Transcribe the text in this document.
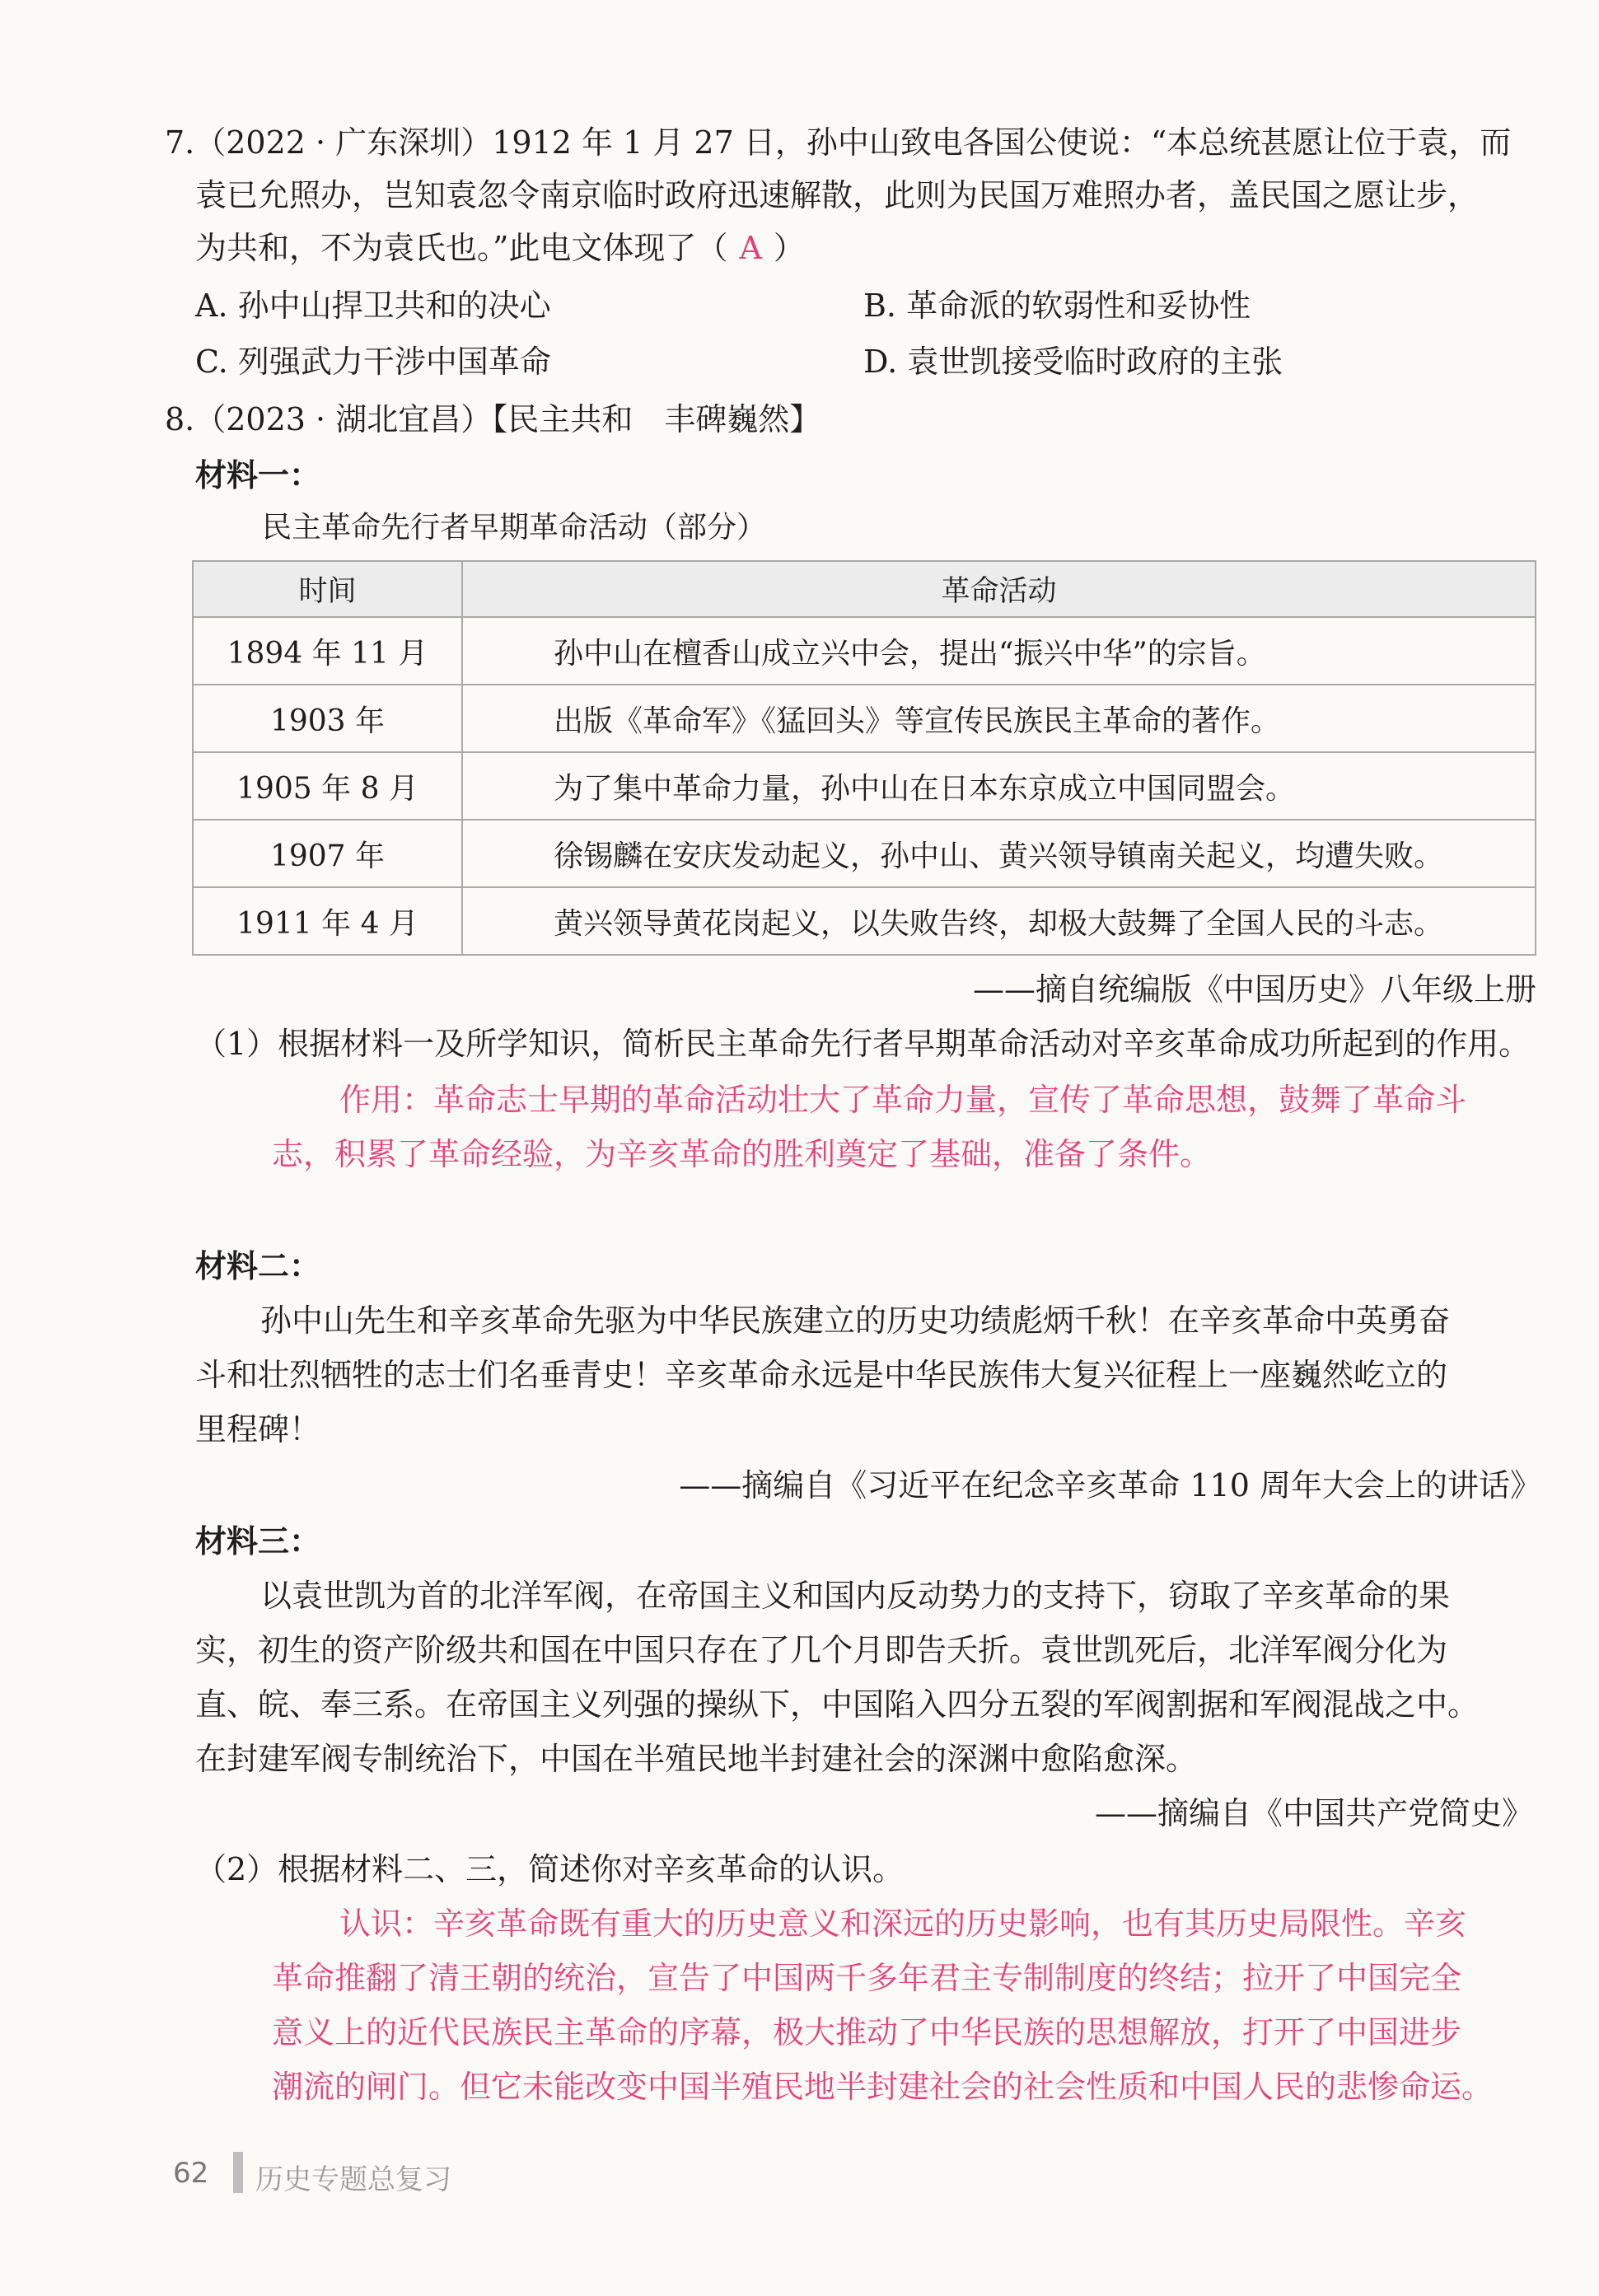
7.（2022 · 广东深圳）1912 年 1 月 27 日，孙中山致电各国公使说：“本总统甚愿让位于袁，而
袁已允照办，岂知袁忽令南京临时政府迅速解散，此则为民国万难照办者，盖民国之愿让步，
为共和，不为袁氏也。”此电文体现了（ A ）
A. 孙中山捍卫共和的决心	B. 革命派的软弱性和妥协性
C. 列强武力干涉中国革命	D. 袁世凯接受临时政府的主张
8.（2023 · 湖北宜昌）【民主共和　丰碑巍然】
材料一：
民主革命先行者早期革命活动（部分）
时间	革命活动
1894 年 11 月	孙中山在檀香山成立兴中会，提出“振兴中华”的宗旨。
1903 年	出版《革命军》《猛回头》等宣传民族民主革命的著作。
1905 年 8 月	为了集中革命力量，孙中山在日本东京成立中国同盟会。
1907 年	徐锡麟在安庆发动起义，孙中山、黄兴领导镇南关起义，均遭失败。
1911 年 4 月	黄兴领导黄花岗起义，以失败告终，却极大鼓舞了全国人民的斗志。
——摘自统编版《中国历史》八年级上册
（1）根据材料一及所学知识，简析民主革命先行者早期革命活动对辛亥革命成功所起到的作用。
作用：革命志士早期的革命活动壮大了革命力量，宣传了革命思想，鼓舞了革命斗
志，积累了革命经验，为辛亥革命的胜利奠定了基础，准备了条件。
材料二：
孙中山先生和辛亥革命先驱为中华民族建立的历史功绩彪炳千秋！在辛亥革命中英勇奋
斗和壮烈牺牲的志士们名垂青史！辛亥革命永远是中华民族伟大复兴征程上一座巍然屹立的
里程碑！
——摘编自《习近平在纪念辛亥革命 110 周年大会上的讲话》
材料三：
以袁世凯为首的北洋军阀，在帝国主义和国内反动势力的支持下，窃取了辛亥革命的果
实，初生的资产阶级共和国在中国只存在了几个月即告夭折。袁世凯死后，北洋军阀分化为
直、皖、奉三系。在帝国主义列强的操纵下，中国陷入四分五裂的军阀割据和军阀混战之中。
在封建军阀专制统治下，中国在半殖民地半封建社会的深渊中愈陷愈深。
——摘编自《中国共产党简史》
（2）根据材料二、三，简述你对辛亥革命的认识。
认识：辛亥革命既有重大的历史意义和深远的历史影响，也有其历史局限性。辛亥
革命推翻了清王朝的统治，宣告了中国两千多年君主专制制度的终结；拉开了中国完全
意义上的近代民族民主革命的序幕，极大推动了中华民族的思想解放，打开了中国进步
潮流的闸门。但它未能改变中国半殖民地半封建社会的社会性质和中国人民的悲惨命运。
62 历史专题总复习
